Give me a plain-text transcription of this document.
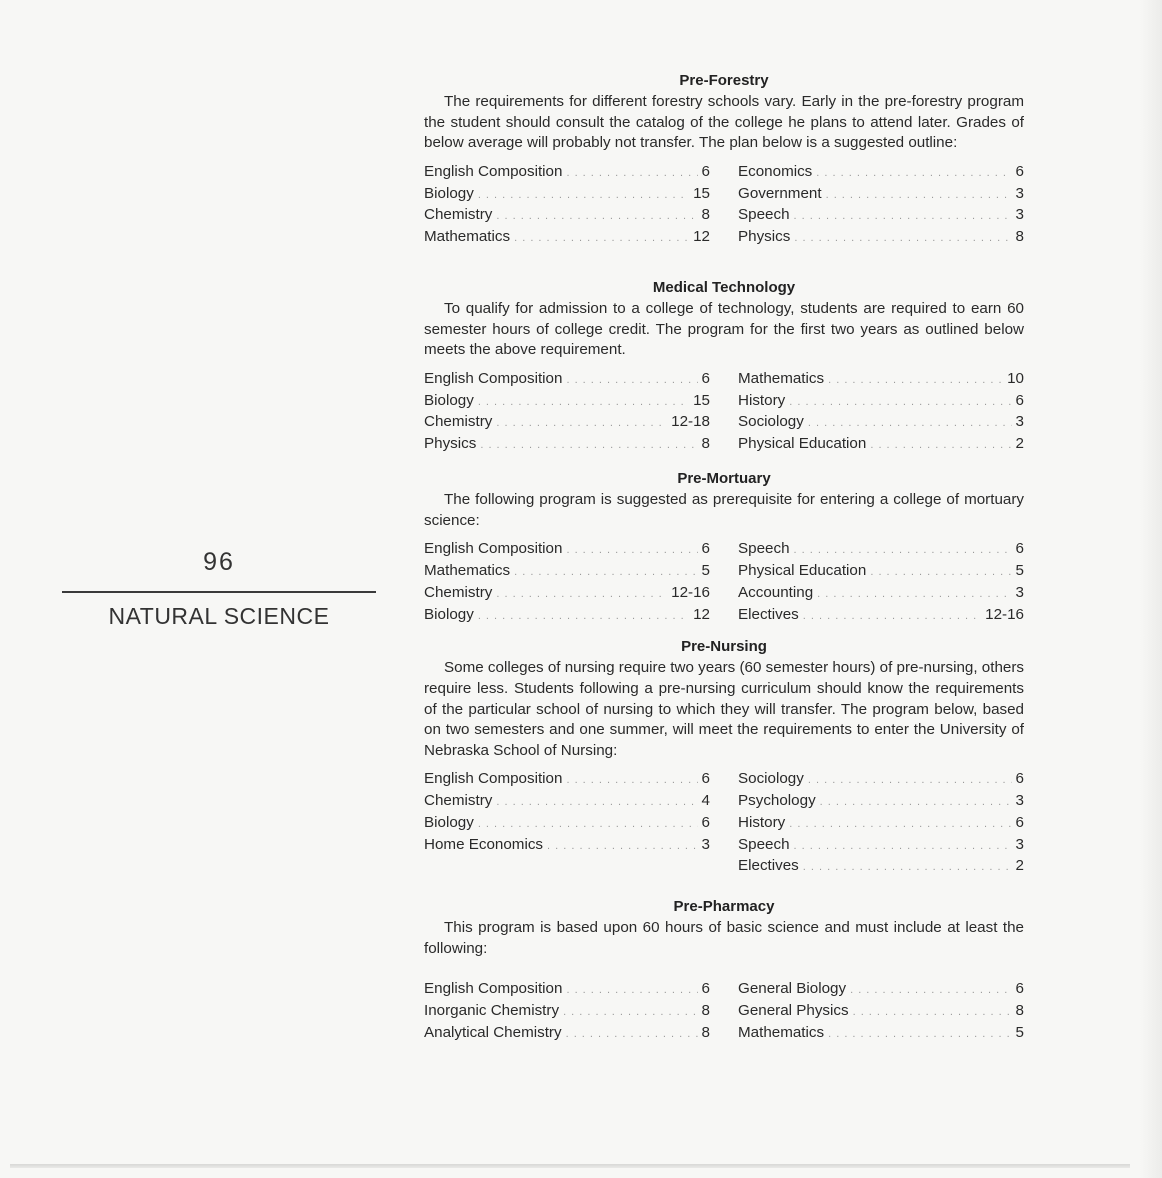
96
NATURAL SCIENCE
Pre-Forestry

The requirements for different forestry schools vary. Early in the pre-forestry program the student should consult the catalog of the college he plans to attend later. Grades of below average will probably not transfer. The plan below is a suggested outline:

English Composition . . .	6
Biology . . .	15
Chemistry . . .	8
Mathematics . . .	12
Economics . . .	6
Government . . .	3
Speech . . .	3
Physics . . .	8
Medical Technology

To qualify for admission to a college of technology, students are required to earn 60 semester hours of college credit. The program for the first two years as outlined below meets the above requirement.

English Composition . . .	6
Biology . . .	15
Chemistry . . .	12-18
Physics . . .	8
Mathematics . . .	10
History . . .	6
Sociology . . .	3
Physical Education . . .	2
Pre-Mortuary

The following program is suggested as prerequisite for entering a college of mortuary science:

English Composition . . .	6
Mathematics . . .	5
Chemistry . . .	12-16
Biology . . .	12
Speech . . .	6
Physical Education . . .	5
Accounting . . .	3
Electives . . .	12-16
Pre-Nursing

Some colleges of nursing require two years (60 semester hours) of pre-nursing, others require less. Students following a pre-nursing curriculum should know the requirements of the particular school of nursing to which they will transfer. The program below, based on two semesters and one summer, will meet the requirements to enter the University of Nebraska School of Nursing:

English Composition . . .	6
Chemistry . . .	4
Biology . . .	6
Home Economics . . .	3
Sociology . . .	6
Psychology . . .	3
History . . .	6
Speech . . .	3
Electives . . .	2
Pre-Pharmacy

This program is based upon 60 hours of basic science and must include at least the following:

English Composition . . .	6
Inorganic Chemistry . . .	8
Analytical Chemistry . . .	8
General Biology . . .	6
General Physics . . .	8
Mathematics . . .	5
